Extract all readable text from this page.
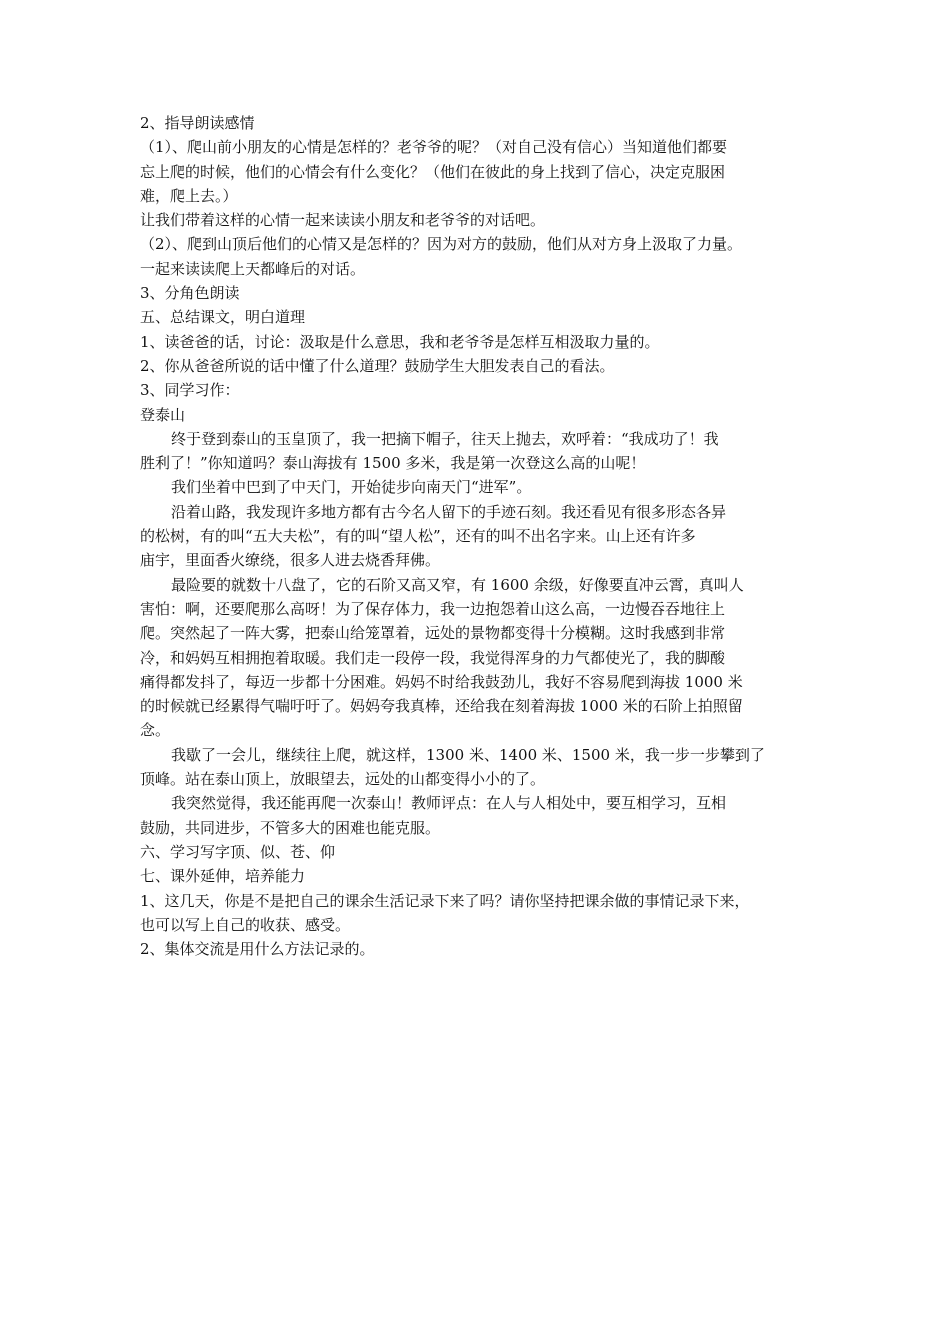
2、指导朗读感情
（1）、爬山前小朋友的心情是怎样的？老爷爷的呢？（对自己没有信心）当知道他们都要
忘上爬的时候，他们的心情会有什么变化？（他们在彼此的身上找到了信心，决定克服困
难，爬上去。）
让我们带着这样的心情一起来读读小朋友和老爷爷的对话吧。
（2）、爬到山顶后他们的心情又是怎样的？因为对方的鼓励，他们从对方身上汲取了力量。
一起来读读爬上天都峰后的对话。
3、分角色朗读
五、总结课文，明白道理
1、读爸爸的话，讨论：汲取是什么意思，我和老爷爷是怎样互相汲取力量的。
2、你从爸爸所说的话中懂了什么道理？鼓励学生大胆发表自己的看法。
3、同学习作：
登泰山
终于登到泰山的玉皇顶了，我一把摘下帽子，往天上抛去，欢呼着：“我成功了！我
胜利了！”你知道吗？泰山海拔有 1500 多米，我是第一次登这么高的山呢！
我们坐着中巴到了中天门，开始徒步向南天门“进军”。
沿着山路，我发现许多地方都有古今名人留下的手迹石刻。我还看见有很多形态各异
的松树，有的叫“五大夫松”，有的叫“望人松”，还有的叫不出名字来。山上还有许多
庙宇，里面香火缭绕，很多人进去烧香拜佛。
最险要的就数十八盘了，它的石阶又高又窄，有 1600 余级，好像要直冲云霄，真叫人
害怕：啊，还要爬那么高呀！为了保存体力，我一边抱怨着山这么高，一边慢吞吞地往上
爬。突然起了一阵大雾，把泰山给笼罩着，远处的景物都变得十分模糊。这时我感到非常
冷，和妈妈互相拥抱着取暖。我们走一段停一段，我觉得浑身的力气都使光了，我的脚酸
痛得都发抖了，每迈一步都十分困难。妈妈不时给我鼓劲儿，我好不容易爬到海拔 1000 米
的时候就已经累得气喘吁吁了。妈妈夸我真棒，还给我在刻着海拔 1000 米的石阶上拍照留
念。
我歇了一会儿，继续往上爬，就这样，1300 米、1400 米、1500 米，我一步一步攀到了
顶峰。站在泰山顶上，放眼望去，远处的山都变得小小的了。
我突然觉得，我还能再爬一次泰山！教师评点：在人与人相处中，要互相学习，互相
鼓励，共同进步，不管多大的困难也能克服。
六、学习写字顶、似、苍、仰
七、课外延伸，培养能力
1、这几天，你是不是把自己的课余生活记录下来了吗？请你坚持把课余做的事情记录下来，
也可以写上自己的收获、感受。
2、集体交流是用什么方法记录的。
